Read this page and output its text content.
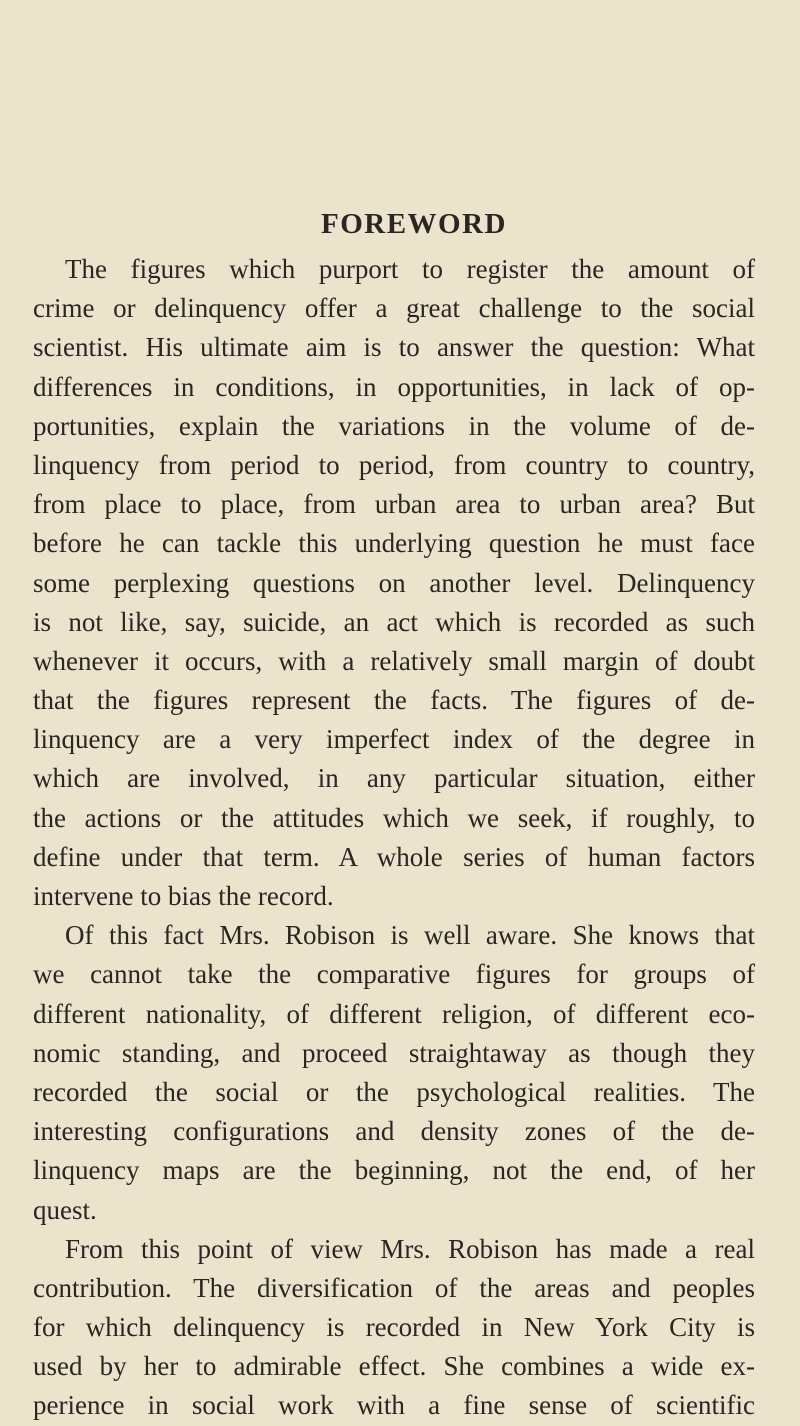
FOREWORD
The figures which purport to register the amount of
crime or delinquency offer a great challenge to the social
scientist. His ultimate aim is to answer the question: What
differences in conditions, in opportunities, in lack of op-
portunities, explain the variations in the volume of de-
linquency from period to period, from country to country,
from place to place, from urban area to urban area? But
before he can tackle this underlying question he must face
some perplexing questions on another level. Delinquency
is not like, say, suicide, an act which is recorded as such
whenever it occurs, with a relatively small margin of doubt
that the figures represent the facts. The figures of de-
linquency are a very imperfect index of the degree in
which are involved, in any particular situation, either
the actions or the attitudes which we seek, if roughly, to
define under that term. A whole series of human factors
intervene to bias the record.
Of this fact Mrs. Robison is well aware. She knows that
we cannot take the comparative figures for groups of
different nationality, of different religion, of different eco-
nomic standing, and proceed straightaway as though they
recorded the social or the psychological realities. The
interesting configurations and density zones of the de-
linquency maps are the beginning, not the end, of her
quest.
From this point of view Mrs. Robison has made a real
contribution. The diversification of the areas and peoples
for which delinquency is recorded in New York City is
used by her to admirable effect. She combines a wide ex-
perience in social work with a fine sense of scientific
